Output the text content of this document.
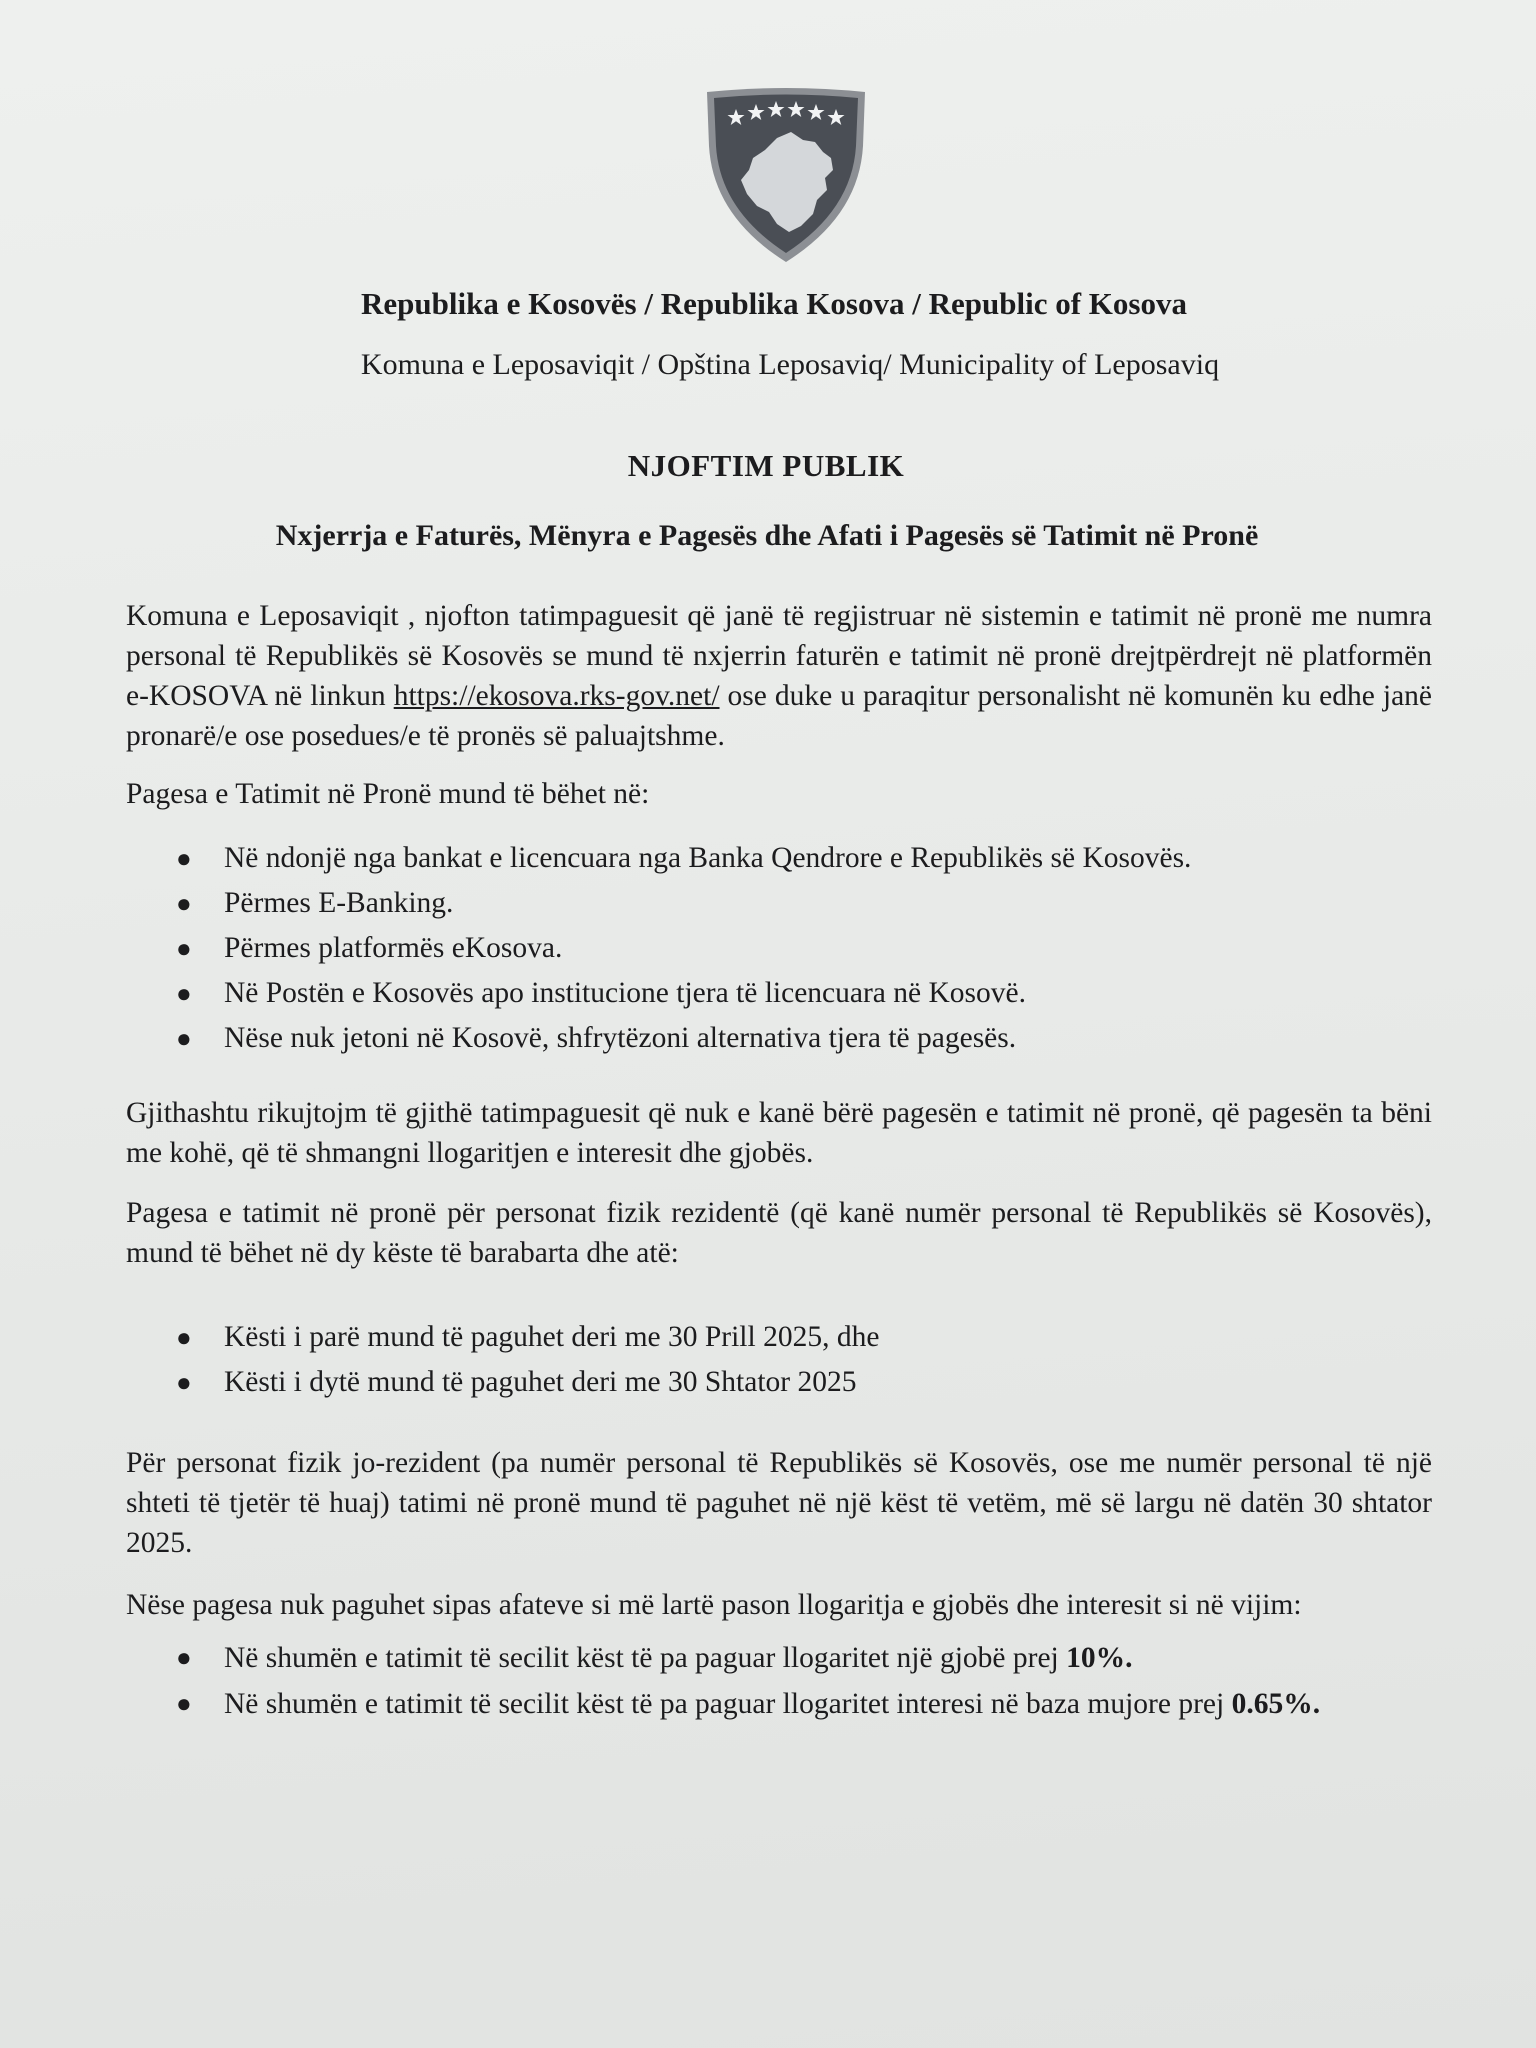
Republika e Kosovës / Republika Kosova / Republic of Kosova
Komuna e Leposaviqit / Opština Leposaviq/ Municipality of Leposaviq
NJOFTIM PUBLIK
Nxjerrja e Faturës, Mënyra e Pagesës dhe Afati i Pagesës së Tatimit në Pronë

Komuna e Leposaviqit , njofton tatimpaguesit që janë të regjistruar në sistemin e tatimit në pronë me numra personal të Republikës së Kosovës se mund të nxjerrin faturën e tatimit në pronë drejtpërdrejt në platformën e-KOSOVA në linkun https://ekosova.rks-gov.net/ ose duke u paraqitur personalisht në komunën ku edhe janë pronarë/e ose posedues/e të pronës së paluajtshme.

Pagesa e Tatimit në Pronë mund të bëhet në:

● Në ndonjë nga bankat e licencuara nga Banka Qendrore e Republikës së Kosovës.
● Përmes E-Banking.
● Përmes platformës eKosova.
● Në Postën e Kosovës apo institucione tjera të licencuara në Kosovë.
● Nëse nuk jetoni në Kosovë, shfrytëzoni alternativa tjera të pagesës.

Gjithashtu rikujtojm të gjithë tatimpaguesit që nuk e kanë bërë pagesën e tatimit në pronë, që pagesën ta bëni me kohë, që të shmangni llogaritjen e interesit dhe gjobës.

Pagesa e tatimit në pronë për personat fizik rezidentë (që kanë numër personal të Republikës së Kosovës), mund të bëhet në dy këste të barabarta dhe atë:

● Kësti i parë mund të paguhet deri me 30 Prill 2025, dhe
● Kësti i dytë mund të paguhet deri me 30 Shtator 2025

Për personat fizik jo-rezident (pa numër personal të Republikës së Kosovës, ose me numër personal të një shteti të tjetër të huaj) tatimi në pronë mund të paguhet në një këst të vetëm, më së largu në datën 30 shtator 2025.

Nëse pagesa nuk paguhet sipas afateve si më lartë pason llogaritja e gjobës dhe interesit si në vijim:

● Në shumën e tatimit të secilit këst të pa paguar llogaritet një gjobë prej 10%.
● Në shumën e tatimit të secilit këst të pa paguar llogaritet interesi në baza mujore prej 0.65%.
